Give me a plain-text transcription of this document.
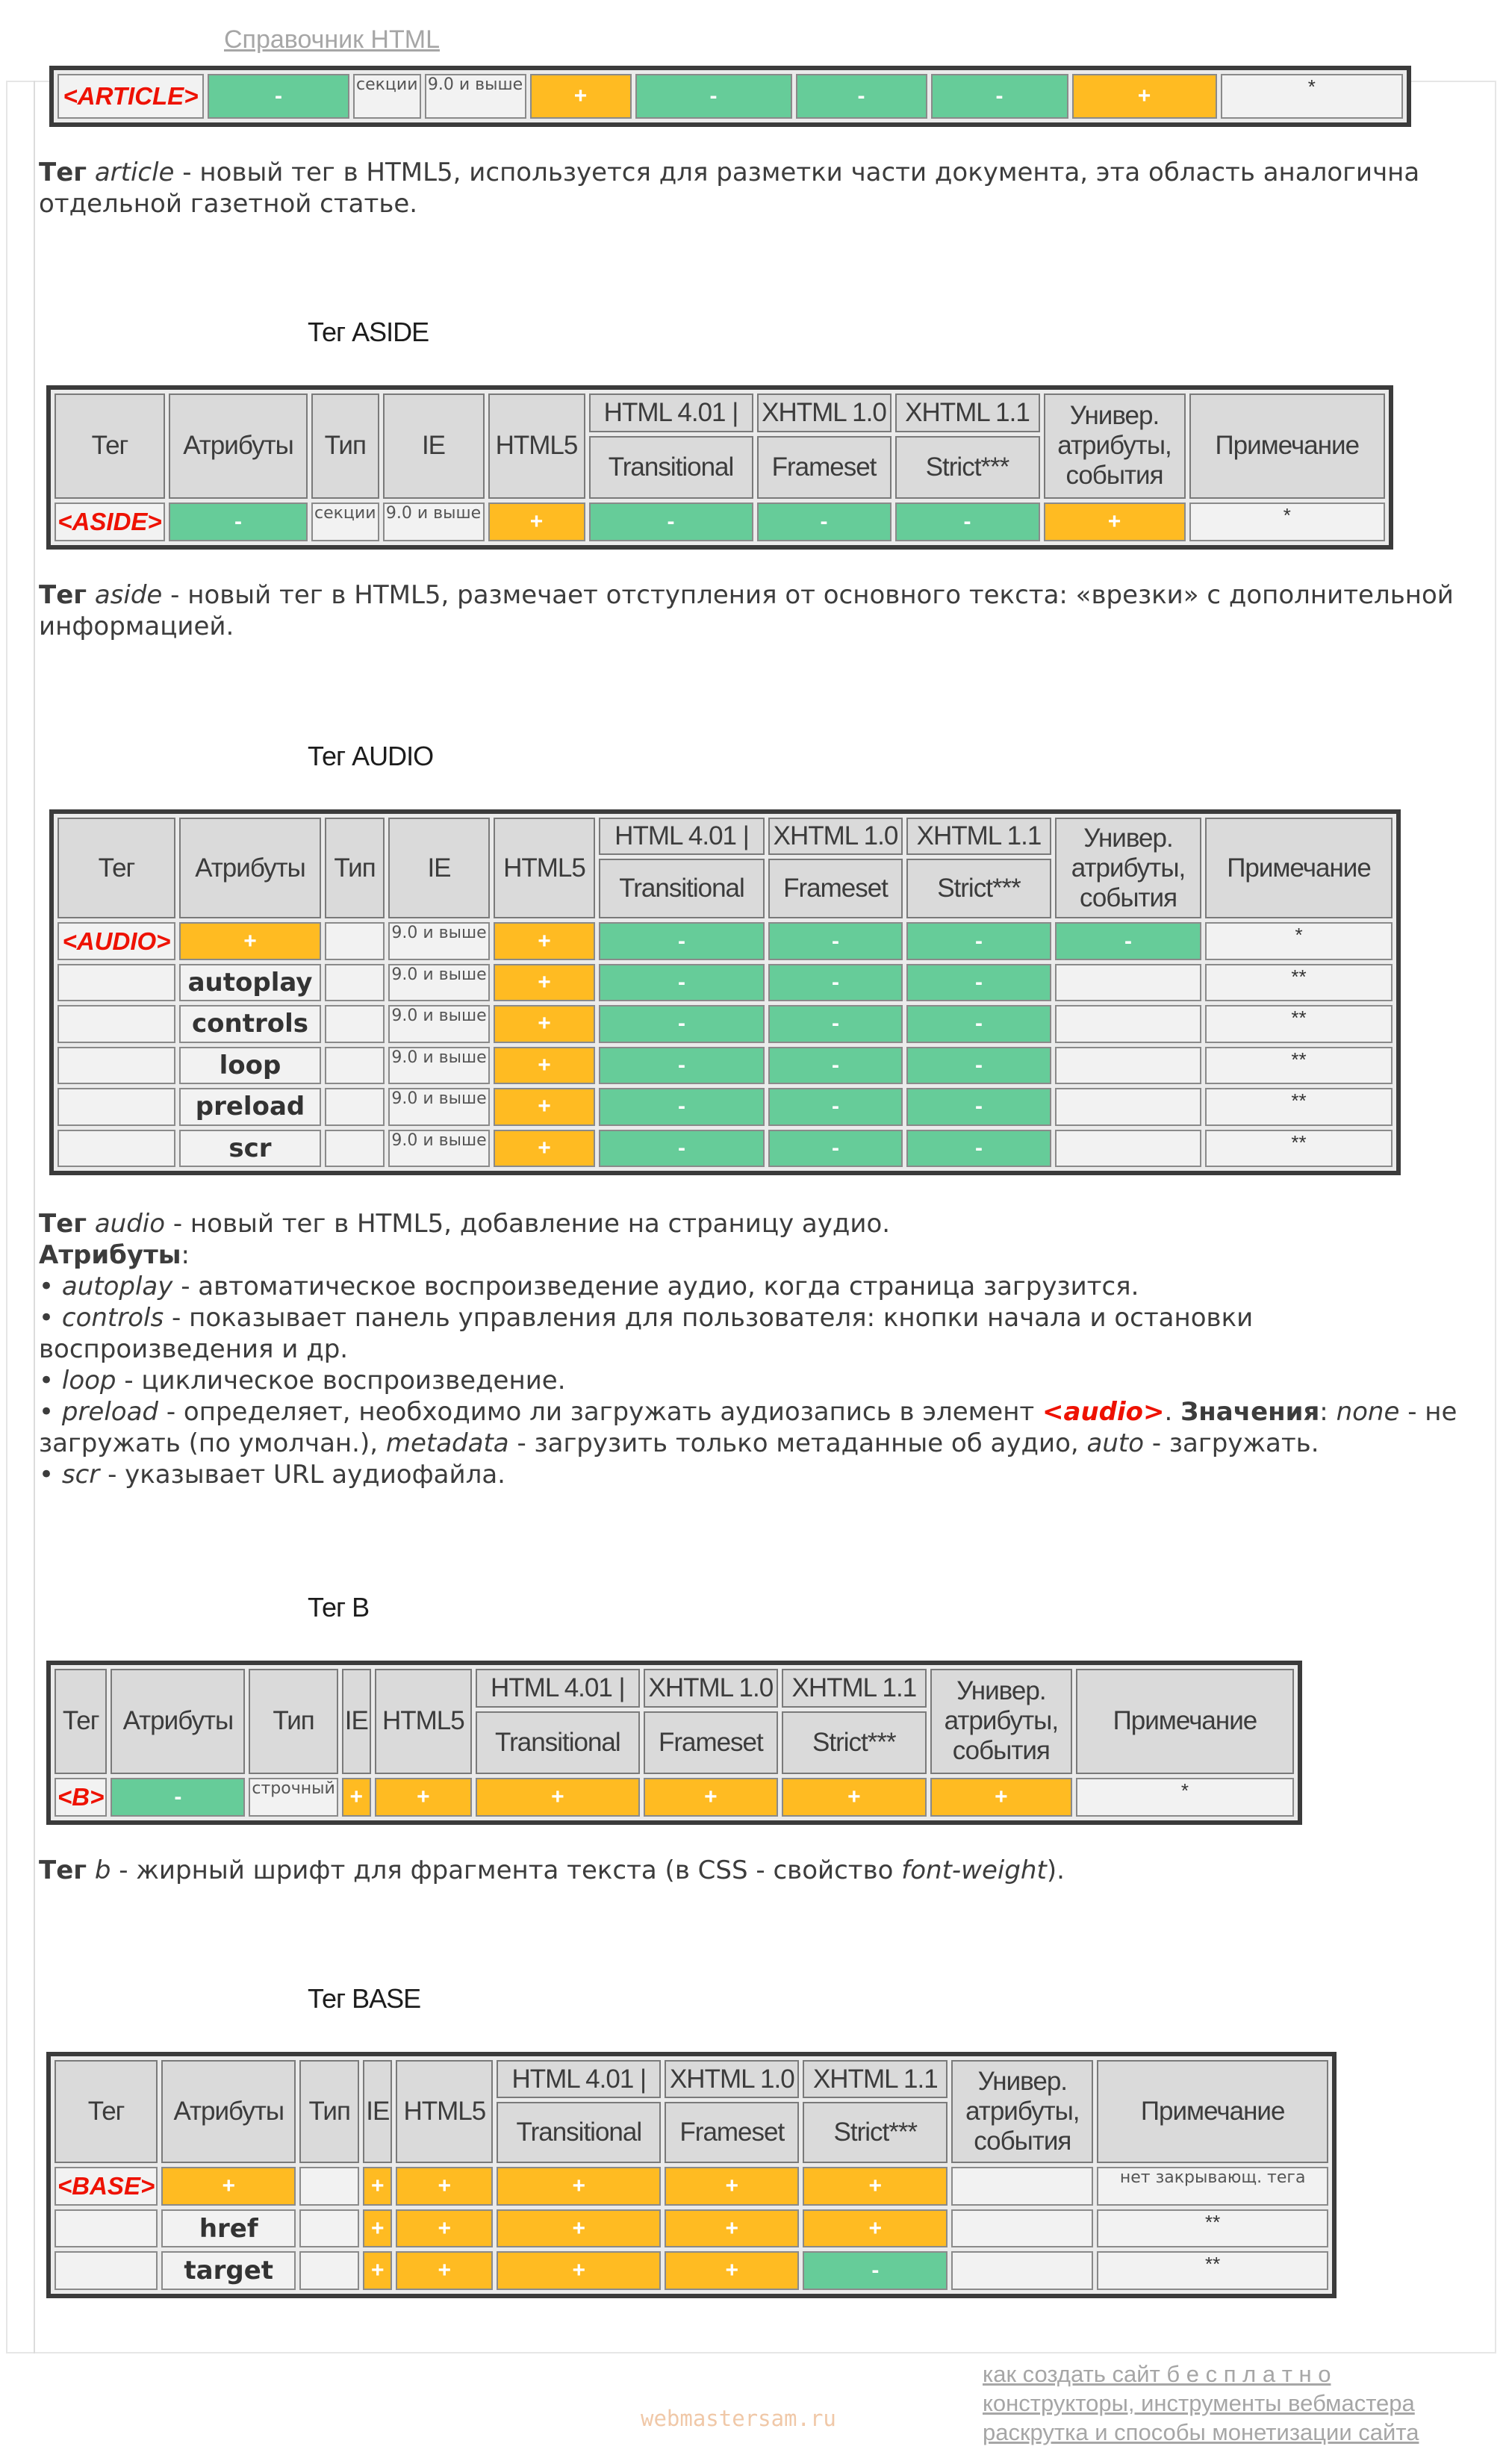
Справочник HTML
<ARTICLE>	-	секции	9.0 и выше	+	-	-	-	+	*
Тег article - новый тег в HTML5, используется для разметки части документа, эта область аналогична отдельной газетной статье.
Тег ASIDE
Тег	Атрибуты	Тип	IE	HTML5	HTML 4.01 |	XHTML 1.0	XHTML 1.1	Универ. атрибуты, события	Примечание
					Transitional	Frameset	Strict***		
<ASIDE>	-	секции	9.0 и выше	+	-	-	-	+	*
Тег aside - новый тег в HTML5, размечает отступления от основного текста: «врезки» с дополнительной информацией.
Тег AUDIO
Тег	Атрибуты	Тип	IE	HTML5	HTML 4.01 |	XHTML 1.0	XHTML 1.1	Универ. атрибуты, события	Примечание
					Transitional	Frameset	Strict***		
<AUDIO>	+		9.0 и выше	+	-	-	-	-	*
	autoplay		9.0 и выше	+	-	-	-		**
	controls		9.0 и выше	+	-	-	-		**
	loop		9.0 и выше	+	-	-	-		**
	preload		9.0 и выше	+	-	-	-		**
	scr		9.0 и выше	+	-	-	-		**
Тег audio - новый тег в HTML5, добавление на страницу аудио.
Атрибуты:
• autoplay - автоматическое воспроизведение аудио, когда страница загрузится.
• controls - показывает панель управления для пользователя: кнопки начала и остановки воспроизведения и др.
• loop - циклическое воспроизведение.
• preload - определяет, необходимо ли загружать аудиозапись в элемент <audio>. Значения: none - не загружать (по умолчан.), metadata - загрузить только метаданные об аудио, auto - загружать.
• scr - указывает URL аудиофайла.
Тег B
Тег	Атрибуты	Тип	IE	HTML5	HTML 4.01 |	XHTML 1.0	XHTML 1.1	Универ. атрибуты, события	Примечание
					Transitional	Frameset	Strict***		
<B>	-	строчный	+	+	+	+	+	+	*
Тег b - жирный шрифт для фрагмента текста (в CSS - свойство font-weight).
Тег BASE
Тег	Атрибуты	Тип	IE	HTML5	HTML 4.01 |	XHTML 1.0	XHTML 1.1	Универ. атрибуты, события	Примечание
					Transitional	Frameset	Strict***		
<BASE>	+		+	+	+	+	+		нет закрывающ. тега
	href		+	+	+	+	+		**
	target		+	+	+	+	-		**
webmastersam.ru
как создать сайт б е с п л а т н о
конструкторы, инструменты вебмастера
раскрутка и способы монетизации сайта
